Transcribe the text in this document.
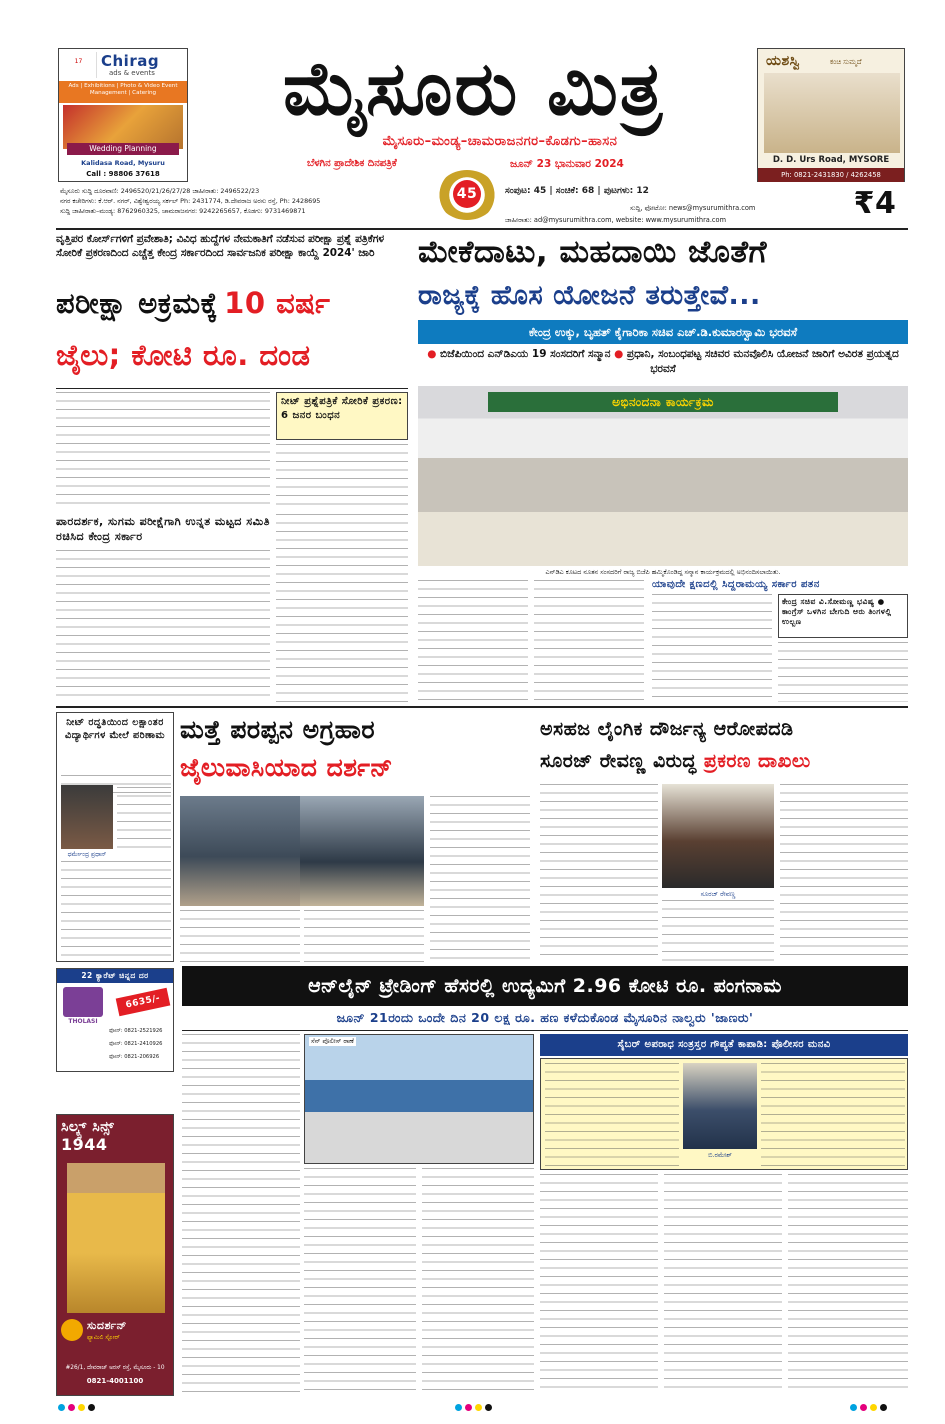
17	Chirag
ads & events
Ads | Exhibitions | Photo & Video Event Management | Catering
Wedding Planning
Kalidasa Road, Mysuru
Call : 98806 37618
ಮೈಸೂರು ಮಿತ್ರ
ಮೈಸೂರು–ಮಂಡ್ಯ–ಚಾಮರಾಜನಗರ–ಕೊಡಗು–ಹಾಸನ
ಬೆಳಗಿನ ಪ್ರಾದೇಶಿಕ ದಿನಪತ್ರಿಕೆ	ಜೂನ್ 23 ಭಾನುವಾರ 2024
ಯಶಸ್ವಿ	ಕಂಚಿ ಸುಮ್ಮದೆ
D. D. Urs Road, MYSORE
Ph: 0821-2431830 / 4262458
ಮೈಸೂರು ಸುದ್ದಿ ದೂರವಾಣಿ: 2496520/21/26/27/28 ಜಾಹೀರಾತು: 2496522/23
ನಗರ ಕಚೇರಿಗಳು: ಕೆ.ಆರ್. ನಗರ್, ವಿಶ್ವೇಶ್ವರಯ್ಯ ಸರ್ಕಲ್ Ph: 2431774, ಡಿ.ದೇವರಾಜ ಅರಸು ರಸ್ತೆ, Ph: 2428695
ಸುದ್ದಿ ಜಾಹೀರಾತು–ಮಂಡ್ಯ: 8762960325, ಚಾಮರಾಜನಗರ: 9242265657, ಕೊಡಗು: 9731469871
45	ಸಂಪುಟ: 45 | ಸಂಚಿಕೆ: 68 | ಪುಟಗಳು: 12
ಸುದ್ದಿ, ಫೋಟೋ: news@mysurumithra.com
ಜಾಹೀರಾತು: ad@mysurumithra.com, website: www.mysurumithra.com	₹4
ವೃತ್ತಿಪರ ಕೋರ್ಸ್‌ಗಳಿಗೆ ಪ್ರವೇಶಾತಿ; ವಿವಿಧ ಹುದ್ದೆಗಳ ನೇಮಕಾತಿಗೆ ನಡೆಸುವ ಪರೀಕ್ಷಾ ಪ್ರಶ್ನೆ ಪತ್ರಿಕೆಗಳ ಸೋರಿಕೆ ಪ್ರಕರಣದಿಂದ ಎಚ್ಚೆತ್ತ ಕೇಂದ್ರ ಸರ್ಕಾರದಿಂದ ಸಾರ್ವಜನಿಕ ಪರೀಕ್ಷಾ ಕಾಯ್ದೆ 2024' ಜಾರಿ
ಪರೀಕ್ಷಾ ಅಕ್ರಮಕ್ಕೆ 10 ವರ್ಷ
ಜೈಲು; ಕೋಟಿ ರೂ. ದಂಡ
ನೀಟ್ ಪ್ರಶ್ನೆಪತ್ರಿಕೆ ಸೋರಿಕೆ ಪ್ರಕರಣ: 6 ಜನರ ಬಂಧನ
ಪಾರದರ್ಶಕ, ಸುಗಮ ಪರೀಕ್ಷೆಗಾಗಿ ಉನ್ನತ ಮಟ್ಟದ ಸಮಿತಿ ರಚಿಸಿದ ಕೇಂದ್ರ ಸರ್ಕಾರ
ಮೇಕೆದಾಟು, ಮಹದಾಯಿ ಜೊತೆಗೆ
ರಾಜ್ಯಕ್ಕೆ ಹೊಸ ಯೋಜನೆ ತರುತ್ತೇವೆ...
ಕೇಂದ್ರ ಉಕ್ಕು, ಬೃಹತ್ ಕೈಗಾರಿಕಾ ಸಚಿವ ಎಚ್.ಡಿ.ಕುಮಾರಸ್ವಾಮಿ ಭರವಸೆ
● ಬಿಜೆಪಿಯಿಂದ ಎನ್‌ಡಿಎಯ 19 ಸಂಸದರಿಗೆ ಸನ್ಮಾನ ● ಪ್ರಧಾನಿ, ಸಂಬಂಧಪಟ್ಟ ಸಚಿವರ ಮನವೊಲಿಸಿ ಯೋಜನೆ ಜಾರಿಗೆ ಅವಿರತ ಪ್ರಯತ್ನದ ಭರವಸೆ
ಅಭಿನಂದನಾ ಕಾರ್ಯಕ್ರಮ
ಎನ್‌ಡಿಎ ಕೂಟದ ನೂತನ ಸಂಸದರಿಗೆ ರಾಜ್ಯ ಬಿಜೆಪಿ ಹಮ್ಮಿಕೊಂಡಿದ್ದ ಸನ್ಮಾನ ಕಾರ್ಯಕ್ರಮದಲ್ಲಿ ಅಭಿನಂದಿಸಲಾಯಿತು.
ಯಾವುದೇ ಕ್ಷಣದಲ್ಲಿ ಸಿದ್ದರಾಮಯ್ಯ ಸರ್ಕಾರ ಪತನ
ಕೇಂದ್ರ ಸಚಿವ ವಿ.ಸೋಮಣ್ಣ ಭವಿಷ್ಯ ● ಕಾಂಗ್ರೆಸ್ ಒಳಗಿನ ಬೇಗುದಿ ಆರು ತಿಂಗಳಲ್ಲಿ ಉಲ್ಬಣ
ನೀಟ್ ರದ್ಧತಿಯಿಂದ ಲಕ್ಷಾಂತರ ವಿದ್ಯಾರ್ಥಿಗಳ ಮೇಲೆ ಪರಿಣಾಮ
ಧರ್ಮೇಂದ್ರ ಪ್ರಧಾನ್
ಮತ್ತೆ ಪರಪ್ಪನ ಅಗ್ರಹಾರ
ಜೈಲುವಾಸಿಯಾದ ದರ್ಶನ್
ಅಸಹಜ ಲೈಂಗಿಕ ದೌರ್ಜನ್ಯ ಆರೋಪದಡಿ
ಸೂರಜ್ ರೇವಣ್ಣ ವಿರುದ್ಧ ಪ್ರಕರಣ ದಾಖಲು
ಸೂರಜ್ ರೇವಣ್ಣ
22 ಕ್ಯಾರೆಟ್ ಚಿನ್ನದ ದರ
THOLASI
6635/-
ಫೋನ್: 0821-2521926
ಫೋನ್: 0821-2410926
ಫೋನ್: 0821-206926
ಆನ್‌ಲೈನ್ ಟ್ರೇಡಿಂಗ್ ಹೆಸರಲ್ಲಿ ಉದ್ಯಮಿಗೆ 2.96 ಕೋಟಿ ರೂ. ಪಂಗನಾಮ
ಜೂನ್ 21ರಂದು ಒಂದೇ ದಿನ 20 ಲಕ್ಷ ರೂ. ಹಣ ಕಳೆದುಕೊಂಡ ಮೈಸೂರಿನ ನಾಲ್ವರು 'ಜಾಣರು'
ಸೆನ್ ಪೊಲೀಸ್ ಠಾಣೆ	ಸೈಬರ್ ಅಪರಾಧ ಸಂತ್ರಸ್ತರ ಗೌಪ್ಯತೆ ಕಾಪಾಡಿ: ಪೊಲೀಸರ ಮನವಿ
ಬಿ.ರಮೇಶ್
ಸಿಲ್ಕ್ಸ್ ಸಿನ್ಸ್
1944
ಸುದರ್ಶನ್
ಫ್ಯಾಮಿಲಿ ಸ್ಟೋರ್
#26/1, ದೇವರಾಜ್ ಅರಸ್ ರಸ್ತೆ, ಮೈಸೂರು - 10
0821-4001100
